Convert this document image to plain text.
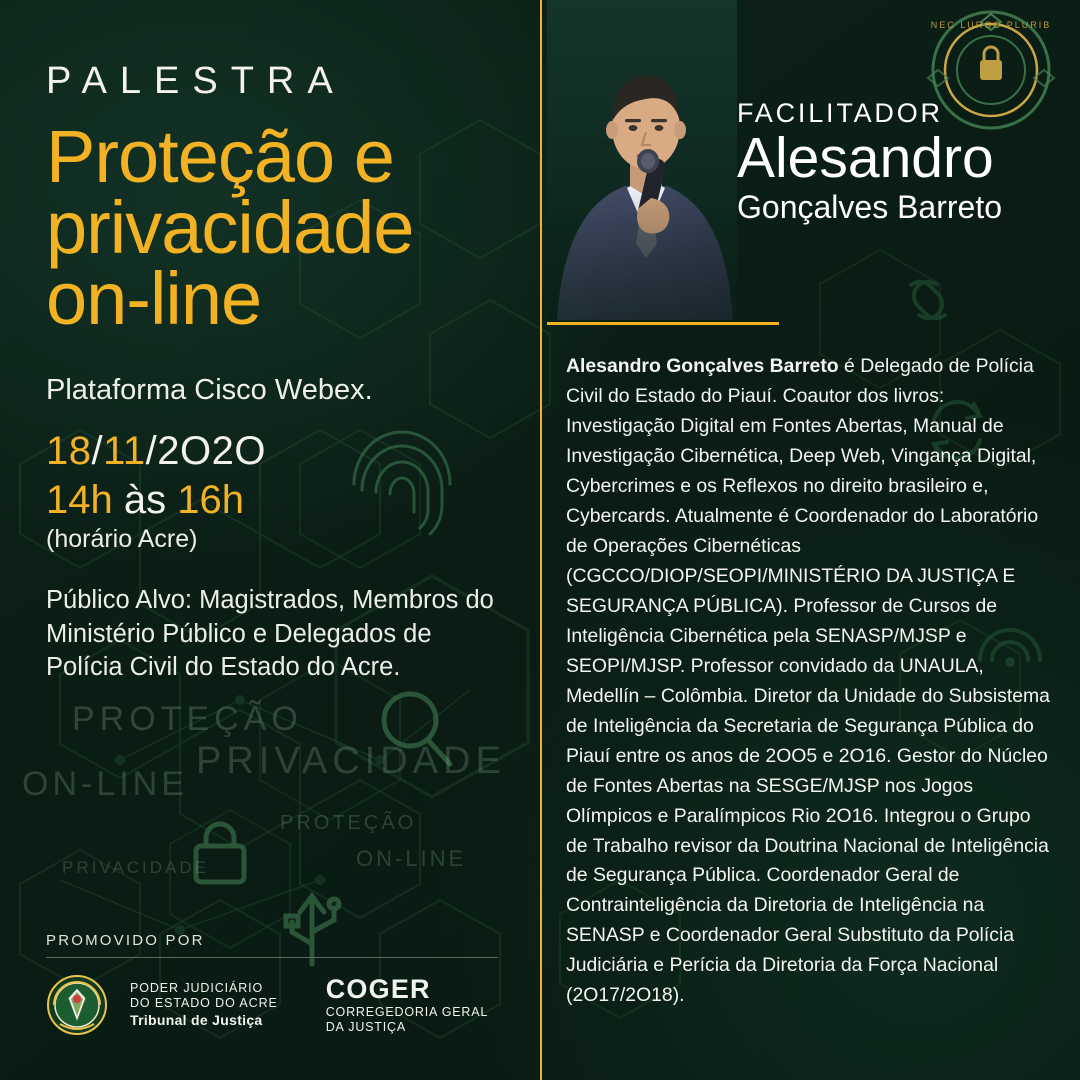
PROTEÇÃO
PRIVACIDADE
ON-LINE
PROTEÇÃO
PRIVACIDADE	ON-LINE
PALESTRA
Proteção e privacidade on-line
Plataforma Cisco Webex.
18/11/2O2O
14h às 16h
(horário Acre)
Público Alvo: Magistrados, Membros do Ministério Público e Delegados de Polícia Civil do Estado do Acre.
PROMOVIDO POR
PODER JUDICIÁRIO
DO ESTADO DO ACRE
Tribunal de Justiça
COGER
CORREGEDORIA GERAL
DA JUSTIÇA
NEC LURGO PLURIB
FACILITADOR
Alesandro
Gonçalves Barreto

Alesandro Gonçalves Barreto é Delegado de Polícia Civil do Estado do Piauí. Coautor dos livros: Investigação Digital em Fontes Abertas, Manual de Investigação Cibernética, Deep Web, Vingança Digital, Cybercrimes e os Reflexos no direito brasileiro e, Cybercards. Atualmente é Coordenador do Laboratório de Operações Cibernéticas (CGCCO/DIOP/SEOPI/MINISTÉRIO DA JUSTIÇA E SEGURANÇA PÚBLICA). Professor de Cursos de Inteligência Cibernética pela SENASP/MJSP e SEOPI/MJSP. Professor convidado da UNAULA, Medellín – Colômbia. Diretor da Unidade do Subsistema de Inteligência da Secretaria de Segurança Pública do Piauí entre os anos de 2OO5 e 2O16. Gestor do Núcleo de Fontes Abertas na SESGE/MJSP nos Jogos Olímpicos e Paralímpicos Rio 2O16. Integrou o Grupo de Trabalho revisor da Doutrina Nacional de Inteligência de Segurança Pública. Coordenador Geral de Contrainteligência da Diretoria de Inteligência na SENASP e Coordenador Geral Substituto da Polícia Judiciária e Perícia da Diretoria da Força Nacional (2O17/2O18).
